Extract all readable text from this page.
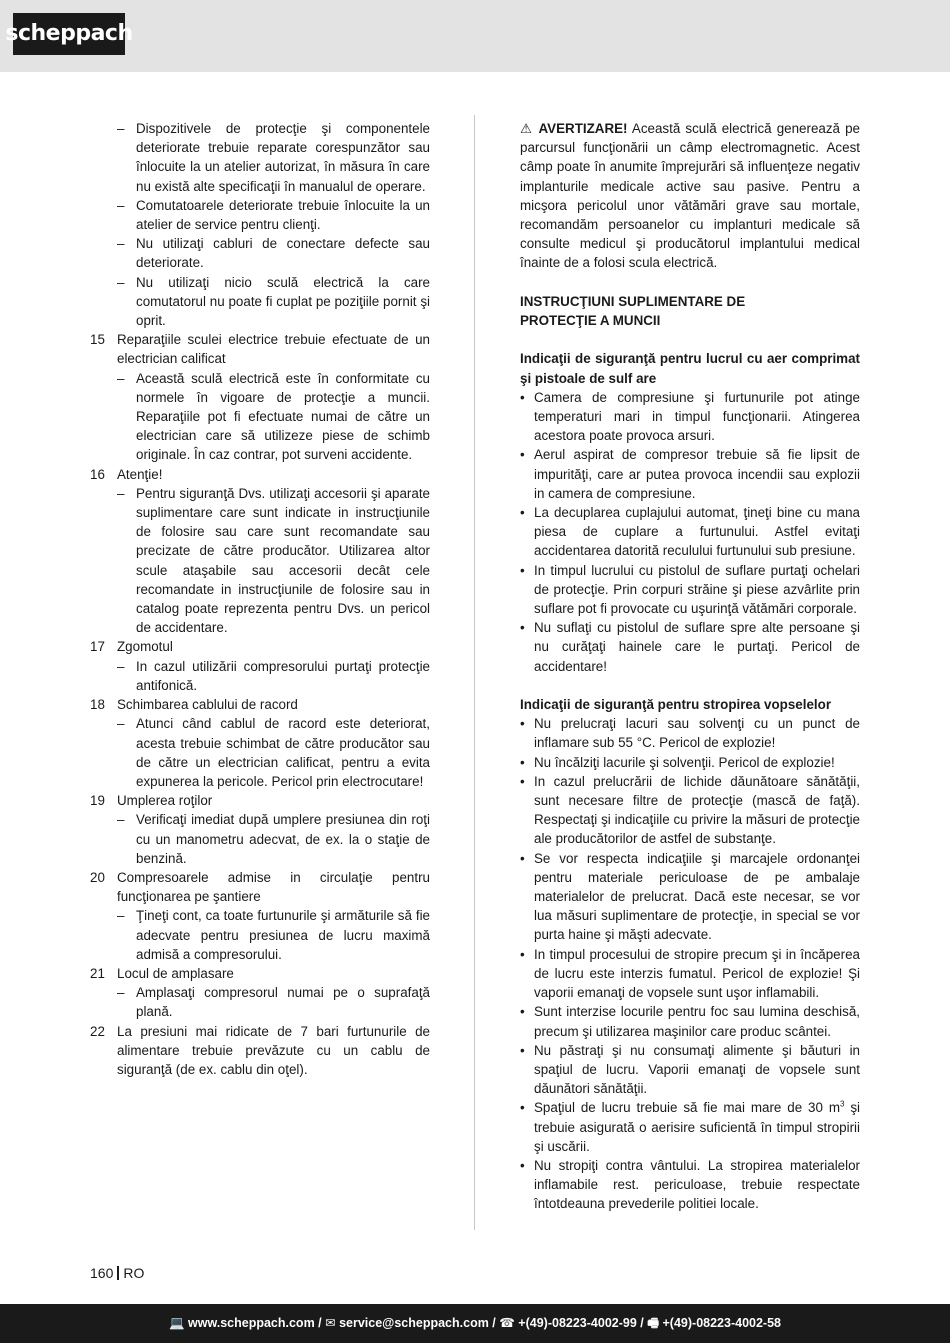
scheppach
– Dispozitivele de protecţie şi componentele deteriorate trebuie reparate corespunzător sau înlocuite la un atelier autorizat, în măsura în care nu există alte specificaţii în manualul de operare.
– Comutatoarele deteriorate trebuie înlocuite la un atelier de service pentru clienţi.
– Nu utilizaţi cabluri de conectare defecte sau deteriorate.
– Nu utilizaţi nicio sculă electrică la care comutatorul nu poate fi cuplat pe poziţiile pornit şi oprit.
15 Reparaţiile sculei electrice trebuie efectuate de un electrician calificat
– Această sculă electrică este în conformitate cu normele în vigoare de protecţie a muncii. Reparaţiile pot fi efectuate numai de către un electrician care să utilizeze piese de schimb originale. În caz contrar, pot surveni accidente.
16 Atenţie!
– Pentru siguranţă Dvs. utilizaţi accesorii şi aparate suplimentare care sunt indicate in instrucţiunile de folosire sau care sunt recomandate sau precizate de către producător. Utilizarea altor scule ataşabile sau accesorii decât cele recomandate in instrucţiunile de folosire sau in catalog poate reprezenta pentru Dvs. un pericol de accidentare.
17 Zgomotul
– In cazul utilizării compresorului purtaţi protecţie antifonică.
18 Schimbarea cablului de racord
– Atunci când cablul de racord este deteriorat, acesta trebuie schimbat de către producător sau de către un electrician calificat, pentru a evita expunerea la pericole. Pericol prin electrocutare!
19 Umplerea roţilor
– Verificaţi imediat după umplere presiunea din roţi cu un manometru adecvat, de ex. la o staţie de benzină.
20 Compresoarele admise in circulaţie pentru funcţionarea pe şantiere
– Ţineţi cont, ca toate furtunurile şi armăturile să fie adecvate pentru presiunea de lucru maximă admisă a compresorului.
21 Locul de amplasare
– Amplasaţi compresorul numai pe o suprafaţă plană.
22 La presiuni mai ridicate de 7 bari furtunurile de alimentare trebuie prevăzute cu un cablu de siguranţă (de ex. cablu din oţel).
⚠ AVERTIZARE! Această sculă electrică generează pe parcursul funcţionării un câmp electromagnetic. Acest câmp poate în anumite împrejurări să influenţeze negativ implanturile medicale active sau pasive. Pentru a micşora pericolul unor vătămări grave sau mortale, recomandăm persoanelor cu implanturi medicale să consulte medicul şi producătorul implantului medical înainte de a folosi scula electrică.
INSTRUCŢIUNI SUPLIMENTARE DE PROTECŢIE A MUNCII
Indicaţii de siguranţă pentru lucrul cu aer comprimat şi pistoale de sulf are
• Camera de compresiune şi furtunurile pot atinge temperaturi mari in timpul funcţionarii. Atingerea acestora poate provoca arsuri.
• Aerul aspirat de compresor trebuie să fie lipsit de impurităţi, care ar putea provoca incendii sau explozii in camera de compresiune.
• La decuplarea cuplajului automat, ţineţi bine cu mana piesa de cuplare a furtunului. Astfel evitaţi accidentarea datorită reculului furtunului sub presiune.
• In timpul lucrului cu pistolul de suflare purtaţi ochelari de protecţie. Prin corpuri străine şi piese azvârlite prin suflare pot fi provocate cu uşurinţă vătămări corporale.
• Nu suflaţi cu pistolul de suflare spre alte persoane şi nu curăţaţi hainele care le purtaţi. Pericol de accidentare!
Indicaţii de siguranţă pentru stropirea vopselelor
• Nu prelucraţi lacuri sau solvenţi cu un punct de inflamare sub 55 °C. Pericol de explozie!
• Nu încălziţi lacurile şi solvenţii. Pericol de explozie!
• In cazul prelucrării de lichide dăunătoare sănătăţii, sunt necesare filtre de protecţie (mască de faţă). Respectaţi şi indicaţiile cu privire la măsuri de protecţie ale producătorilor de astfel de substanţe.
• Se vor respecta indicaţiile şi marcajele ordonanţei pentru materiale periculoase de pe ambalaje materialelor de prelucrat. Dacă este necesar, se vor lua măsuri suplimentare de protecţie, in special se vor purta haine şi măşti adecvate.
• In timpul procesului de stropire precum şi in încăperea de lucru este interzis fumatul. Pericol de explozie! Şi vaporii emanaţi de vopsele sunt uşor inflamabili.
• Sunt interzise locurile pentru foc sau lumina deschisă, precum şi utilizarea maşinilor care produc scântei.
• Nu păstraţi şi nu consumaţi alimente şi băuturi in spaţiul de lucru. Vaporii emanaţi de vopsele sunt dăunători sănătăţii.
• Spaţiul de lucru trebuie să fie mai mare de 30 $m^3$ şi trebuie asigurată o aerisire suficientă în timpul stropirii şi uscării.
• Nu stropiţi contra vântului. La stropirea materialelor inflamabile rest. periculoase, trebuie respectate întotdeauna prevederile politiei locale.
160 RO
💻 www.scheppach.com / ✉ service@scheppach.com / ☎ +(49)-08223-4002-99 / 🖷 +(49)-08223-4002-58
